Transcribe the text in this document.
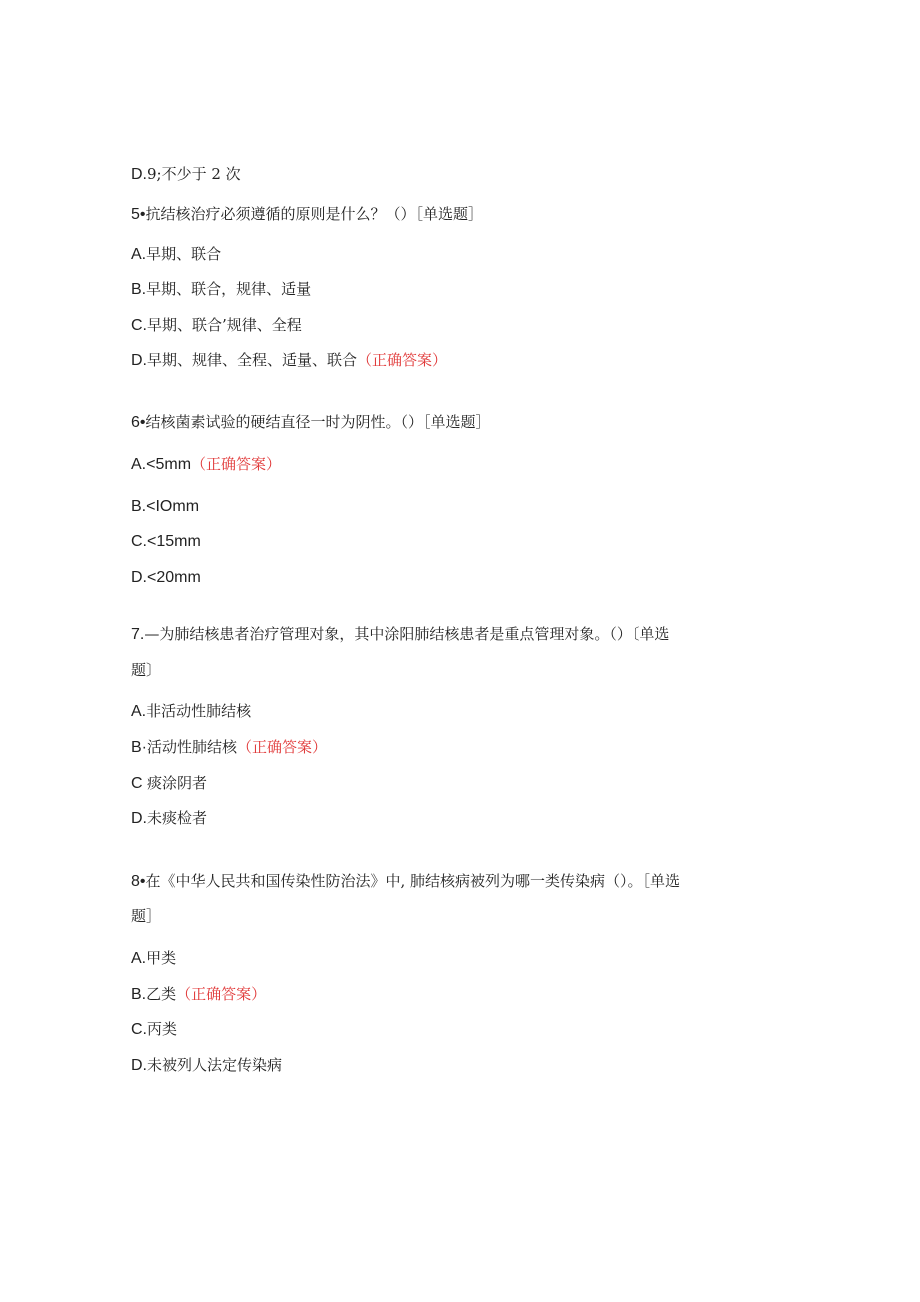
D.9;不少于 2 次
5•抗结核治疗必须遵循的原则是什么？（）［单选题］
A.早期、联合
B.早期、联合，规律、适量
C.早期、联合’规律、全程
D.早期、规律、全程、适量、联合（正确答案）
6•结核菌素试验的硬结直径一时为阴性。（）［单选题］
A.<5mm（正确答案）
B.<IOmm
C.<15mm
D.<20mm
7.—为肺结核患者治疗管理对象，其中涂阳肺结核患者是重点管理对象。（）〔单选
题〕
A.非活动性肺结核
B·活动性肺结核（正确答案）
C 痰涂阴者
D.未痰检者
8•在《中华人民共和国传染性防治法》中, 肺结核病被列为哪一类传染病（）。［单选
题］
A.甲类
B.乙类（正确答案）
C.丙类
D.未被列人法定传染病
